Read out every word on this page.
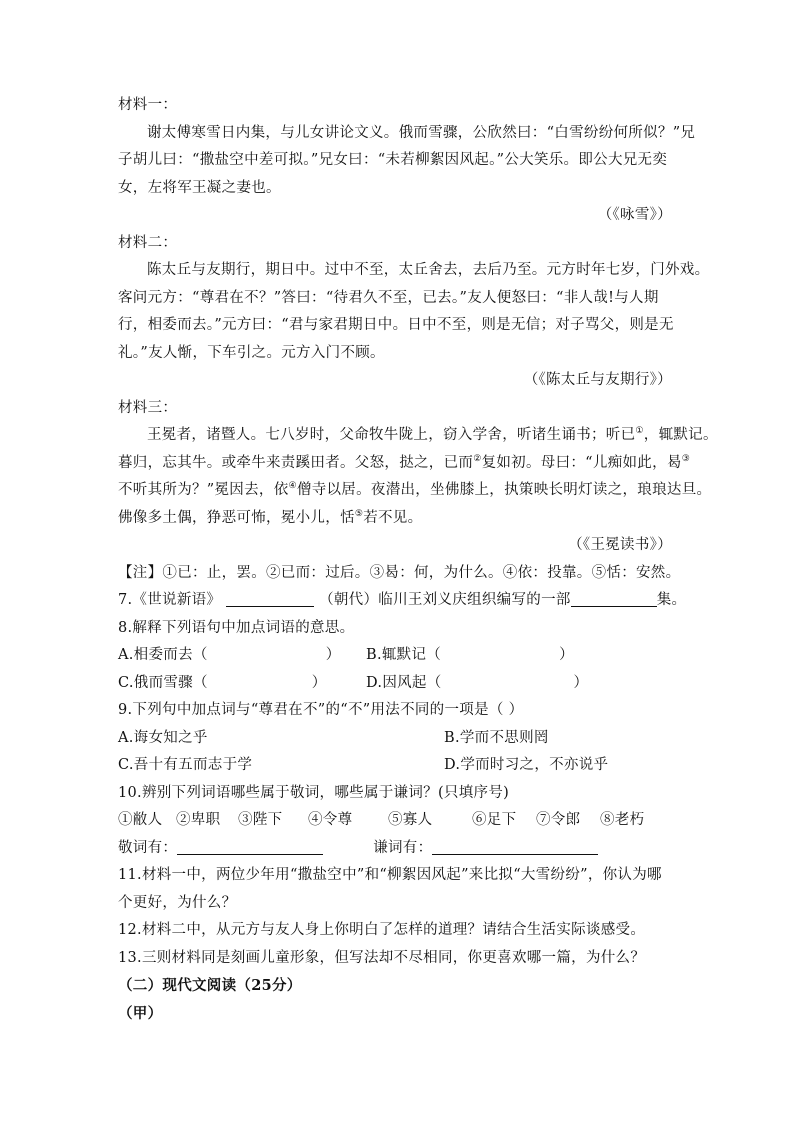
材料一：
谢太傅寒雪日内集，与儿女讲论文义。俄而雪骤，公欣然曰：“白雪纷纷何所似？”兄
子胡儿曰：“撒盐空中差可拟。”兄女曰：“未若柳絮因风起。”公大笑乐。即公大兄无奕
女，左将军王凝之妻也。
（《咏雪》）
材料二：
陈太丘与友期行，期日中。过中不至，太丘舍去，去后乃至。元方时年七岁，门外戏。
客问元方：“尊君在不？”答曰：“待君久不至，已去。”友人便怒曰：“非人哉!与人期
行，相委而去。”元方曰：“君与家君期日中。日中不至，则是无信；对子骂父，则是无
礼。”友人惭，下车引之。元方入门不顾。
（《陈太丘与友期行》）
材料三：
王冕者，诸暨人。七八岁时，父命牧牛陇上，窃入学舍，听诸生诵书；听已①，辄默记。
暮归，忘其牛。或牵牛来责蹊田者。父怒，挞之，已而②复如初。母曰：“儿痴如此，曷③
不听其所为？”冕因去，依④僧寺以居。夜潜出，坐佛膝上，执策映长明灯读之，琅琅达旦。
佛像多土偶，狰恶可怖，冕小儿，恬⑤若不见。
（《王冕读书》）
【注】①已：止，罢。②已而：过后。③曷：何，为什么。④依：投靠。⑤恬：安然。
7.《世说新语》	（朝代）临川王刘义庆组织编写的一部	集。
8.解释下列语句中加点词语的意思。
A.相委而去（	） B.辄默记（	）
C.俄而雪骤（	）	D.因风起（	）
9.下列句中加点词与“尊君在不”的“不”用法不同的一项是（ ）
A.诲女知之乎	B.学而不思则罔
C.吾十有五而志于学	D.学而时习之，不亦说乎
10.辨别下列词语哪些属于敬词，哪些属于谦词？(只填序号)
①敝人 ②卑职 ③陛下 ④令尊 ⑤寡人	⑥足下 ⑦令郎 ⑧老朽
敬词有：	谦词有：
11.材料一中，两位少年用“撒盐空中”和“柳絮因风起”来比拟“大雪纷纷”，你认为哪
个更好，为什么？
12.材料二中，从元方与友人身上你明白了怎样的道理？请结合生活实际谈感受。
13.三则材料同是刻画儿童形象，但写法却不尽相同，你更喜欢哪一篇，为什么？
（二）现代文阅读（25分）
（甲）
